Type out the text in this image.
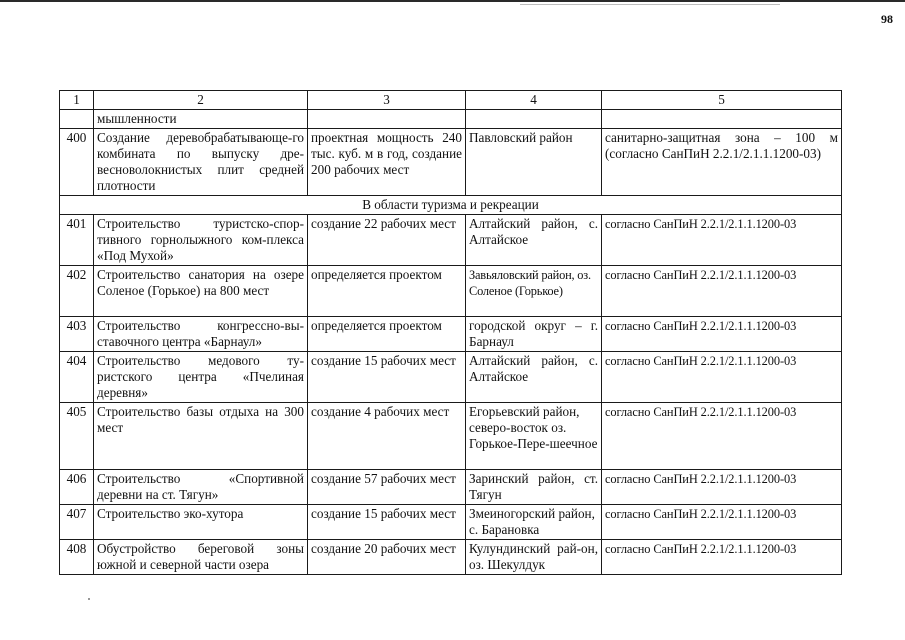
98
1	2	3	4	5
	мышленности			
400	Создание деревобрабатывающе-го комбината по выпуску дре-весноволокнистых плит средней плотности	проектная мощность 240 тыс. куб. м в год, создание 200 рабочих мест	Павловский район	санитарно-защитная зона – 100 м (согласно СанПиН 2.2.1/2.1.1.1200-03)
В области туризма и рекреации				
401	Строительство туристско-спор-тивного горнолыжного ком-плекса «Под Мухой»	создание 22 рабочих мест	Алтайский район, с. Алтайское	согласно СанПиН 2.2.1/2.1.1.1200-03
402	Строительство санатория на озере Соленое (Горькое) на 800 мест	определяется проектом	Завьяловский район, оз. Соленое (Горькое)	согласно СанПиН 2.2.1/2.1.1.1200-03
403	Строительство конгрессно-вы-ставочного центра «Барнаул»	определяется проектом	городской округ – г. Барнаул	согласно СанПиН 2.2.1/2.1.1.1200-03
404	Строительство медового ту-ристского центра «Пчелиная деревня»	создание 15 рабочих мест	Алтайский район, с. Алтайское	согласно СанПиН 2.2.1/2.1.1.1200-03
405	Строительство базы отдыха на 300 мест	создание 4 рабочих мест	Егорьевский район, северо-восток оз. Горькое-Пере-шеечное	согласно СанПиН 2.2.1/2.1.1.1200-03
406	Строительство «Спортивной деревни на ст. Тягун»	создание 57 рабочих мест	Заринский район, ст. Тягун	согласно СанПиН 2.2.1/2.1.1.1200-03
407	Строительство эко-хутора	создание 15 рабочих мест	Змеиногорский район, с. Барановка	согласно СанПиН 2.2.1/2.1.1.1200-03
408	Обустройство береговой зоны южной и северной части озера	создание 20 рабочих мест	Кулундинский рай-он, оз. Шекулдук	согласно СанПиН 2.2.1/2.1.1.1200-03
